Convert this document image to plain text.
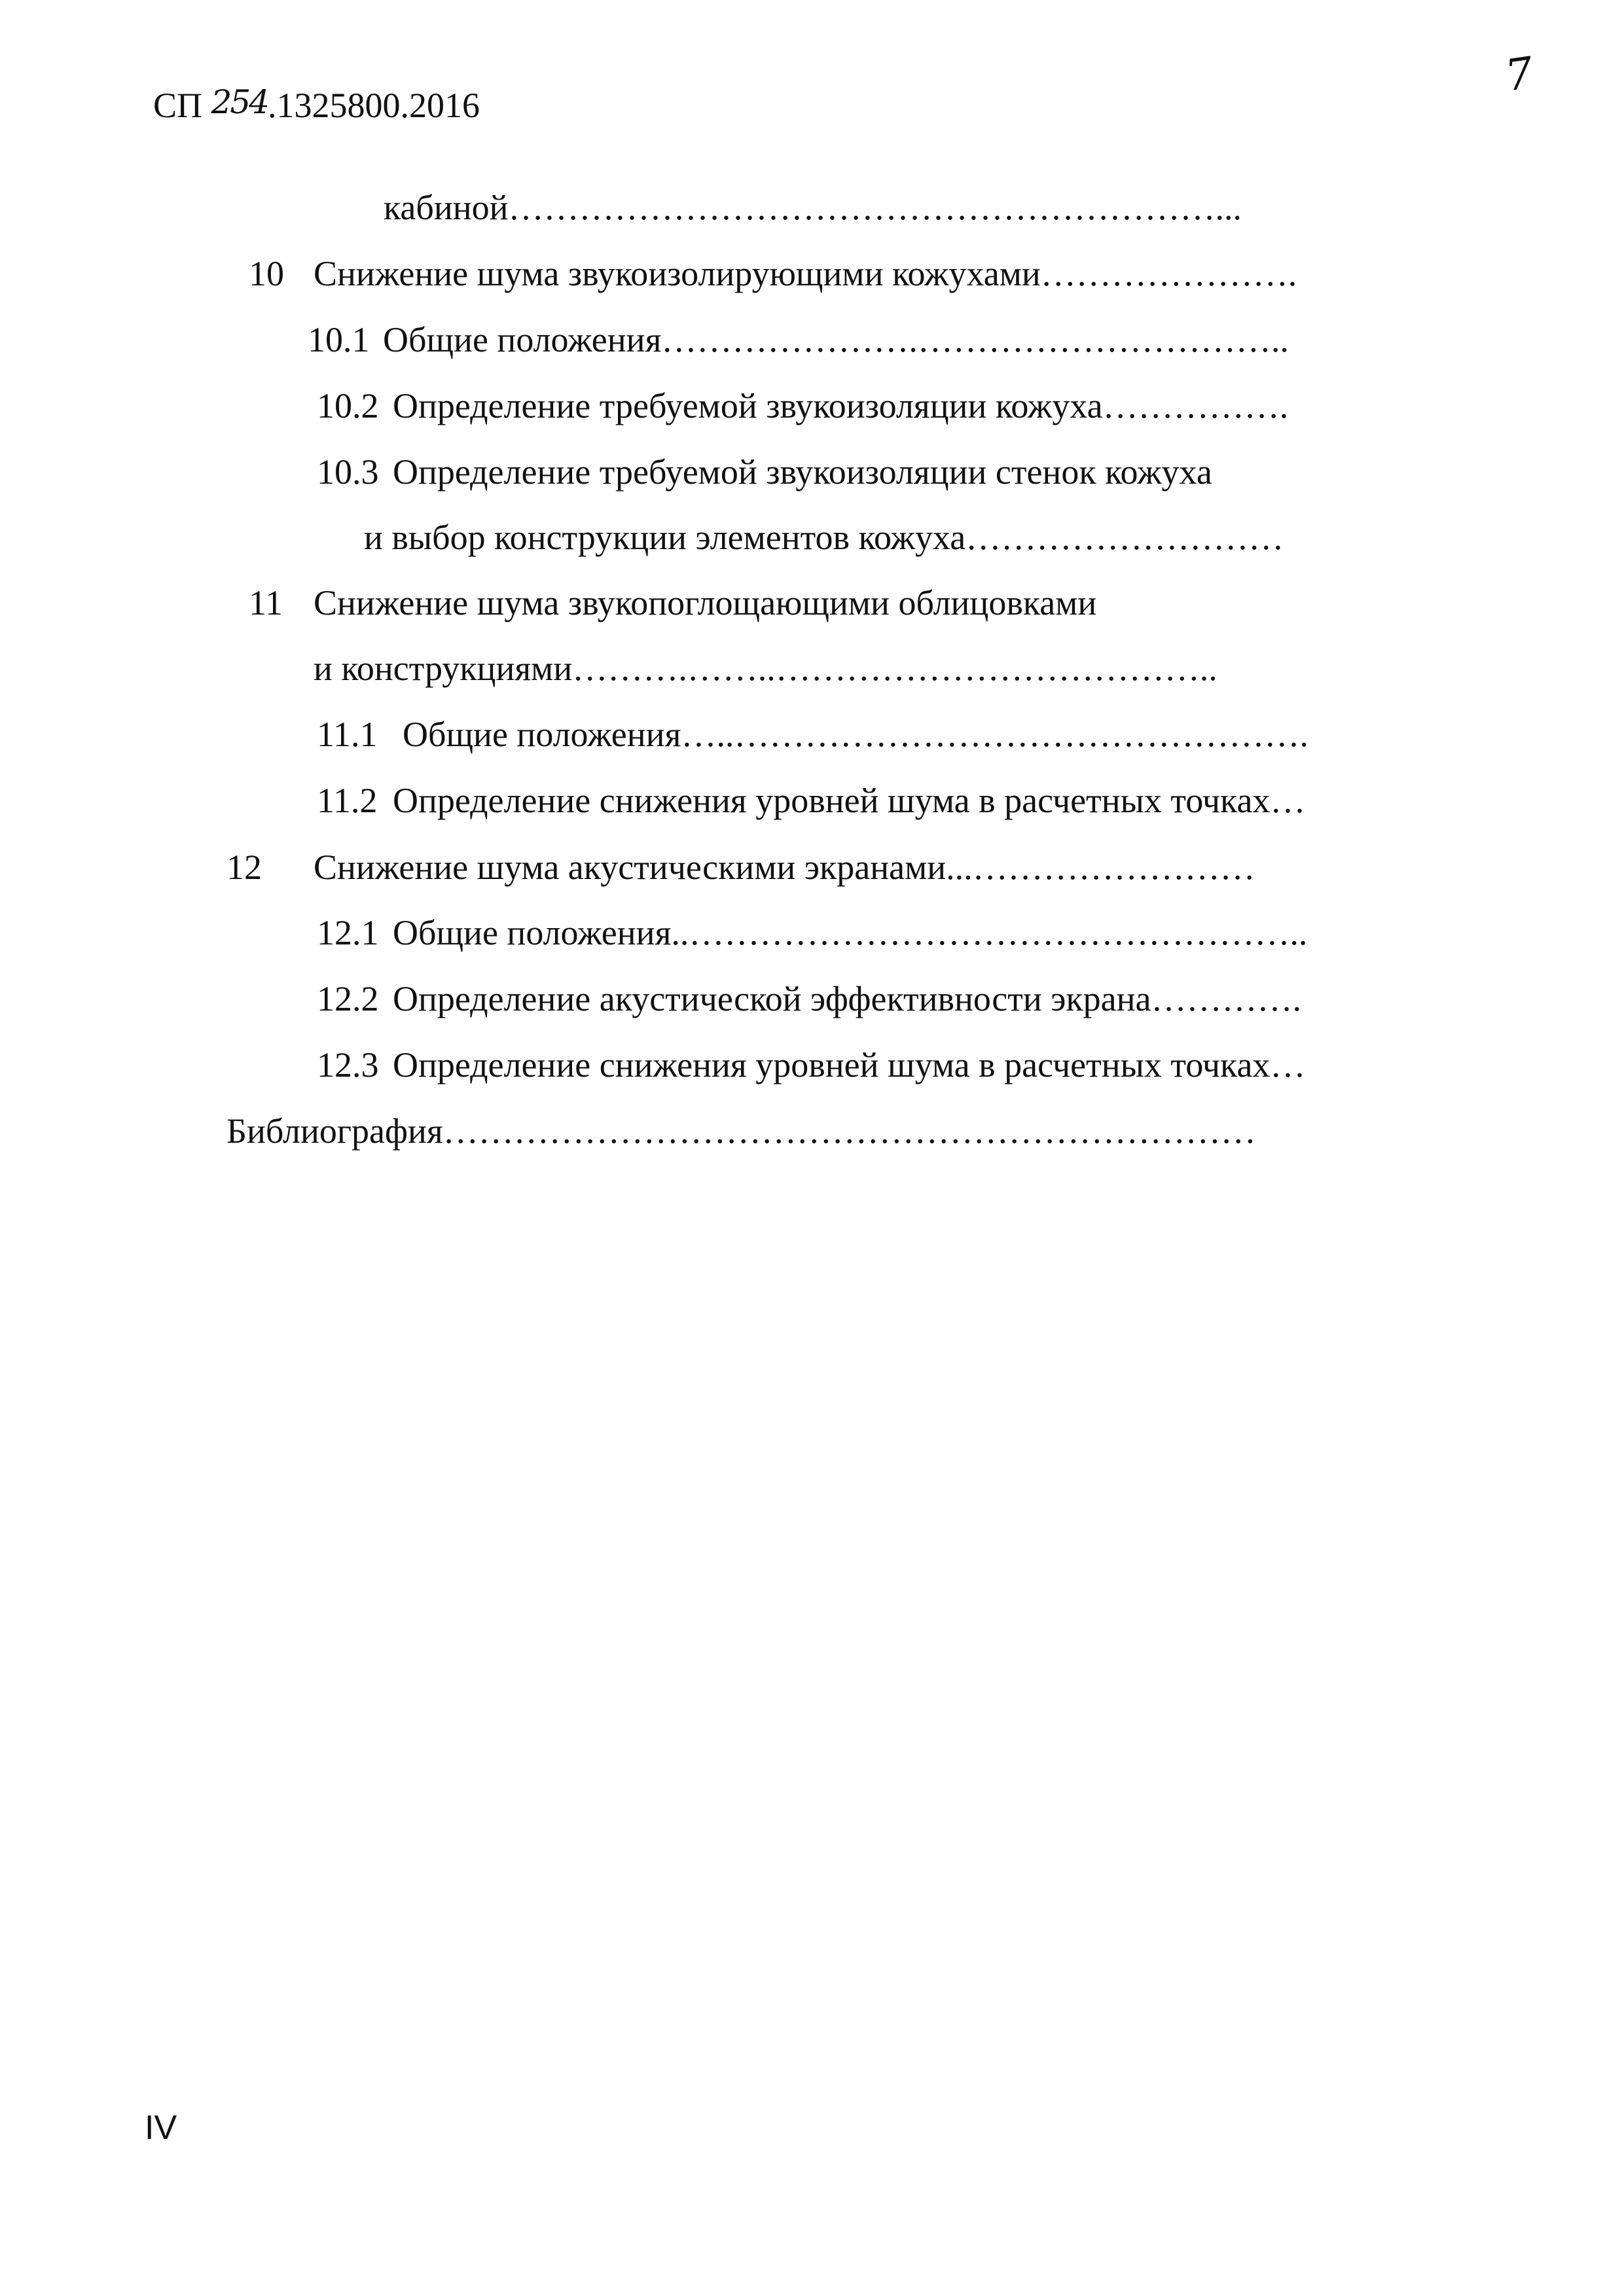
СП 254.1325800.2016
7
кабиной……………………………………………………...
10 Снижение шума звукоизолирующими кожухами………………….
10.1 Общие положения………………….…………………………..
10.2 Определение требуемой звукоизоляции кожуха…………….
10.3 Определение требуемой звукоизоляции стенок кожуха
и выбор конструкции элементов кожуха………………………
11 Снижение шума звукопоглощающими облицовками
и конструкциями……….……..………………………………..
11.1 Общие положения…..………………………………………….
11.2 Определение снижения уровней шума в расчетных точках…
12 Снижение шума акустическими экранами...……………………
12.1 Общие положения..……………………………………………..
12.2 Определение акустической эффективности экрана………….
12.3 Определение снижения уровней шума в расчетных точках…
Библиография……………………………………………………………
IV
